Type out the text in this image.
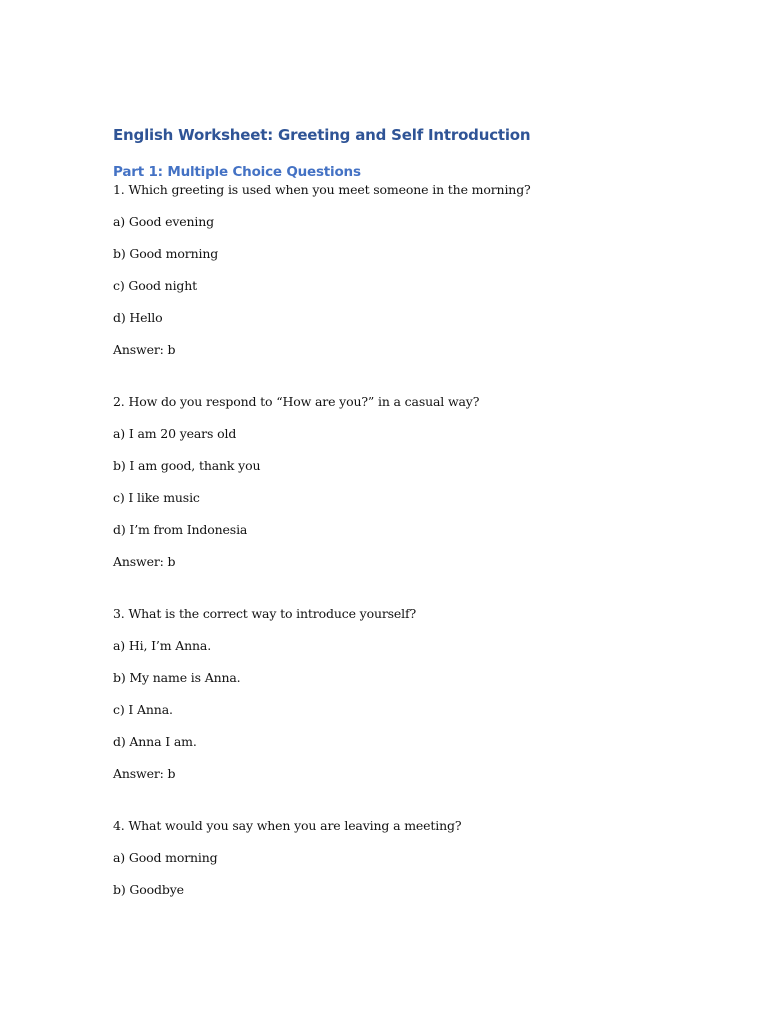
English Worksheet: Greeting and Self Introduction
Part 1: Multiple Choice Questions

1. Which greeting is used when you meet someone in the morning?

a) Good evening

b) Good morning

c) Good night

d) Hello

Answer: b

2. How do you respond to “How are you?” in a casual way?

a) I am 20 years old

b) I am good, thank you

c) I like music

d) I’m from Indonesia

Answer: b

3. What is the correct way to introduce yourself?

a) Hi, I’m Anna.

b) My name is Anna.

c) I Anna.

d) Anna I am.

Answer: b

4. What would you say when you are leaving a meeting?

a) Good morning

b) Goodbye
